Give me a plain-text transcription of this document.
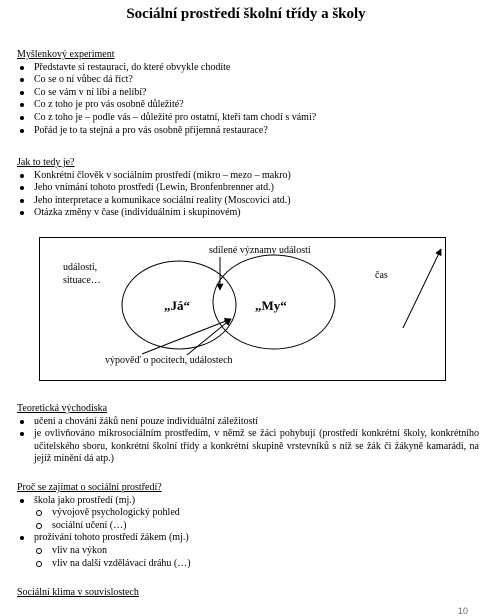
Sociální prostředí školní třídy a školy
Myšlenkový experiment
Představte si restauraci, do které obvykle chodíte
Co se o ní vůbec dá říct?
Co se vám v ní líbí a nelíbí?
Co z toho je pro vás osobně důležité?
Co z toho je – podle vás – důležité pro ostatní, kteří tam chodí s vámi?
Pořád je to ta stejná a pro vás osobně příjemná restaurace?
Jak to tedy je?
Konkrétní člověk v sociálním prostředí (mikro – mezo – makro)
Jeho vnímání tohoto prostředí (Lewin, Bronfenbrenner atd.)
Jeho interpretace a komunikace sociální reality (Moscovici atd.)
Otázka změny v čase (individuálním i skupinovém)
sdílené významy události
události,
situace…	čas
„Já“	„My“
výpověď o pocitech, událostech
Teoretická východiska
učení a chování žáků není pouze individuální záležitostí
je ovlivňováno mikrosociálním prostředím, v němž se žáci pohybují (prostředí konkrétní školy, konkrétního učitelského sboru, konkrétní školní třídy a konkrétní skupině vrstevníků s níž se žák či žákyně kamarádí, na jejíž mínění dá atp.)
Proč se zajímat o sociální prostředí?
škola jako prostředí (mj.)
vývojově psychologický pohled
sociální učení (…)
prožívání tohoto prostředí žákem (mj.)
vliv na výkon
vliv na další vzdělávací dráhu (…)
Sociální klima v souvislostech
10
